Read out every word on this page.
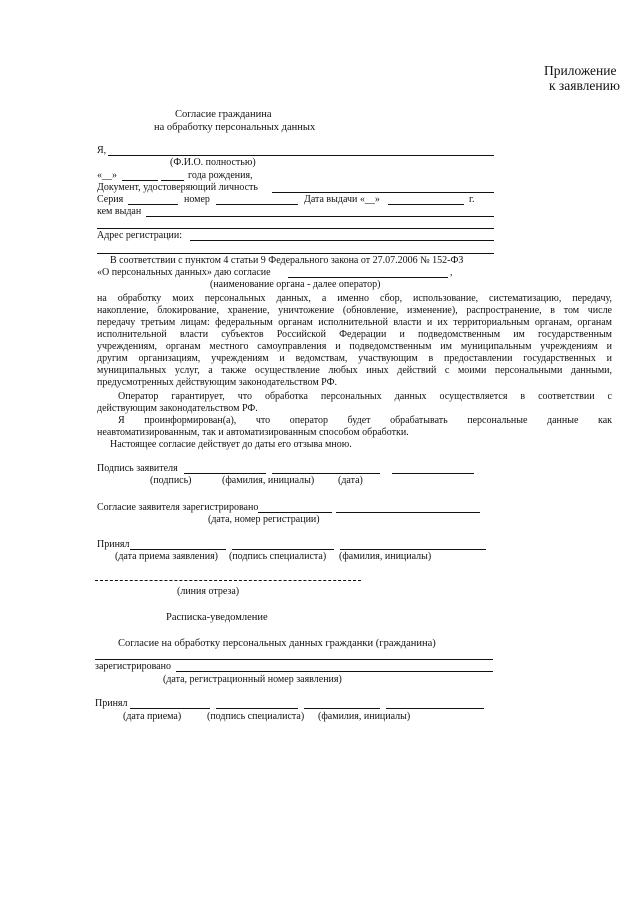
Приложение
к заявлению
Согласие гражданина
на обработку персональных данных
Я,
(Ф.И.О. полностью)
«__»	года рождения,
Документ, удостоверяющий личность
Серия	номер	Дата выдачи «__»	г.
кем выдан
Адрес регистрации:
В соответствии с пунктом 4 статьи 9 Федерального закона от 27.07.2006 № 152-ФЗ
«О персональных данных» даю согласие	,
(наименование органа - далее оператор)
на обработку моих персональных данных, а именно сбор, использование, систематизацию, передачу,
накопление, блокирование, хранение, уничтожение (обновление, изменение), распространение, в том числе
передачу третьим лицам: федеральным органам исполнительной власти и их территориальным органам, органам
исполнительной власти субъектов Российской Федерации и подведомственным им государственным
учреждениям, органам местного самоуправления и подведомственным им муниципальным учреждениям и
другим организациям, учреждениям и ведомствам, участвующим в предоставлении государственных и
муниципальных услуг, а также осуществление любых иных действий с моими персональными данными,
предусмотренных действующим законодательством РФ.
Оператор гарантирует, что обработка персональных данных осуществляется в соответствии с
действующим законодательством РФ.
Я проинформирован(а), что оператор будет обрабатывать персональные данные как
неавтоматизированным, так и автоматизированным способом обработки.
Настоящее согласие действует до даты его отзыва мною.
Подпись заявителя
(подпись)	(фамилия, инициалы) (дата)
Согласие заявителя зарегистрировано
(дата, номер регистрации)
Принял
(дата приема заявления) (подпись специалиста) (фамилия, инициалы)
(линия отреза)
Расписка-уведомление
Согласие на обработку персональных данных гражданки (гражданина)
зарегистрировано
(дата, регистрационный номер заявления)
Принял
(дата приема)	(подпись специалиста) (фамилия, инициалы)
